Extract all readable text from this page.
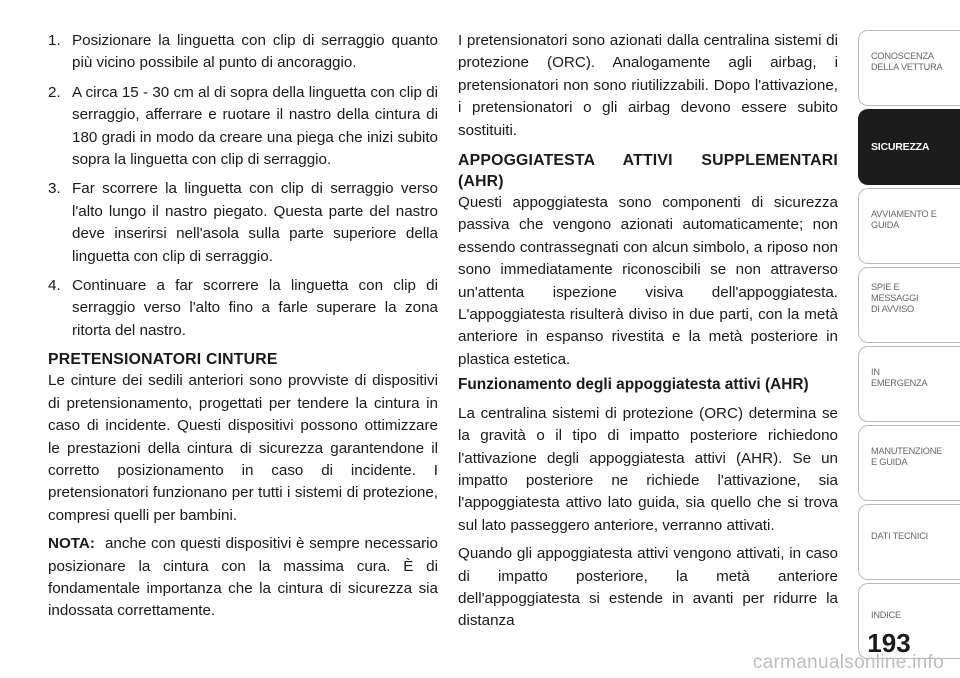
1. Posizionare la linguetta con clip di serraggio quanto più vicino possibile al punto di ancoraggio.
2. A circa 15 - 30 cm al di sopra della linguetta con clip di serraggio, afferrare e ruotare il nastro della cintura di 180 gradi in modo da creare una piega che inizi subito sopra la linguetta con clip di serraggio.
3. Far scorrere la linguetta con clip di serraggio verso l'alto lungo il nastro piegato. Questa parte del nastro deve inserirsi nell'asola sulla parte superiore della linguetta con clip di serraggio.
4. Continuare a far scorrere la linguetta con clip di serraggio verso l'alto fino a farle superare la zona ritorta del nastro.
PRETENSIONATORI CINTURE

Le cinture dei sedili anteriori sono provviste di dispositivi di pretensionamento, progettati per tendere la cintura in caso di incidente. Questi dispositivi possono ottimizzare le prestazioni della cintura di sicurezza garantendone il corretto posizionamento in caso di incidente. I pretensionatori funzionano per tutti i sistemi di protezione, compresi quelli per bambini.

NOTA: anche con questi dispositivi è sempre necessario posizionare la cintura con la massima cura. È di fondamentale importanza che la cintura di sicurezza sia indossata correttamente.

I pretensionatori sono azionati dalla centralina sistemi di protezione (ORC). Analogamente agli airbag, i pretensionatori non sono riutilizzabili. Dopo l'attivazione, i pretensionatori o gli airbag devono essere subito sostituiti.

APPOGGIATESTA ATTIVI SUPPLEMENTARI (AHR)

Questi appoggiatesta sono componenti di sicurezza passiva che vengono azionati automaticamente; non essendo contrassegnati con alcun simbolo, a riposo non sono immediatamente riconoscibili se non attraverso un'attenta ispezione visiva dell'appoggiatesta. L'appoggiatesta risulterà diviso in due parti, con la metà anteriore in espanso rivestita e la metà posteriore in plastica estetica.

Funzionamento degli appoggiatesta attivi (AHR)

La centralina sistemi di protezione (ORC) determina se la gravità o il tipo di impatto posteriore richiedono l'attivazione degli appoggiatesta attivi (AHR). Se un impatto posteriore ne richiede l'attivazione, sia l'appoggiatesta attivo lato guida, sia quello che si trova sul lato passeggero anteriore, verranno attivati.

Quando gli appoggiatesta attivi vengono attivati, in caso di impatto posteriore, la metà anteriore dell'appoggiatesta si estende in avanti per ridurre la distanza

CONOSCENZA
DELLA VETTURA
SICUREZZA
AVVIAMENTO E
GUIDA
SPIE E
MESSAGGI
DI AVVISO
IN
EMERGENZA
MANUTENZIONE
E GUIDA
DATI TECNICI
INDICE
193
carmanualsonline.info
